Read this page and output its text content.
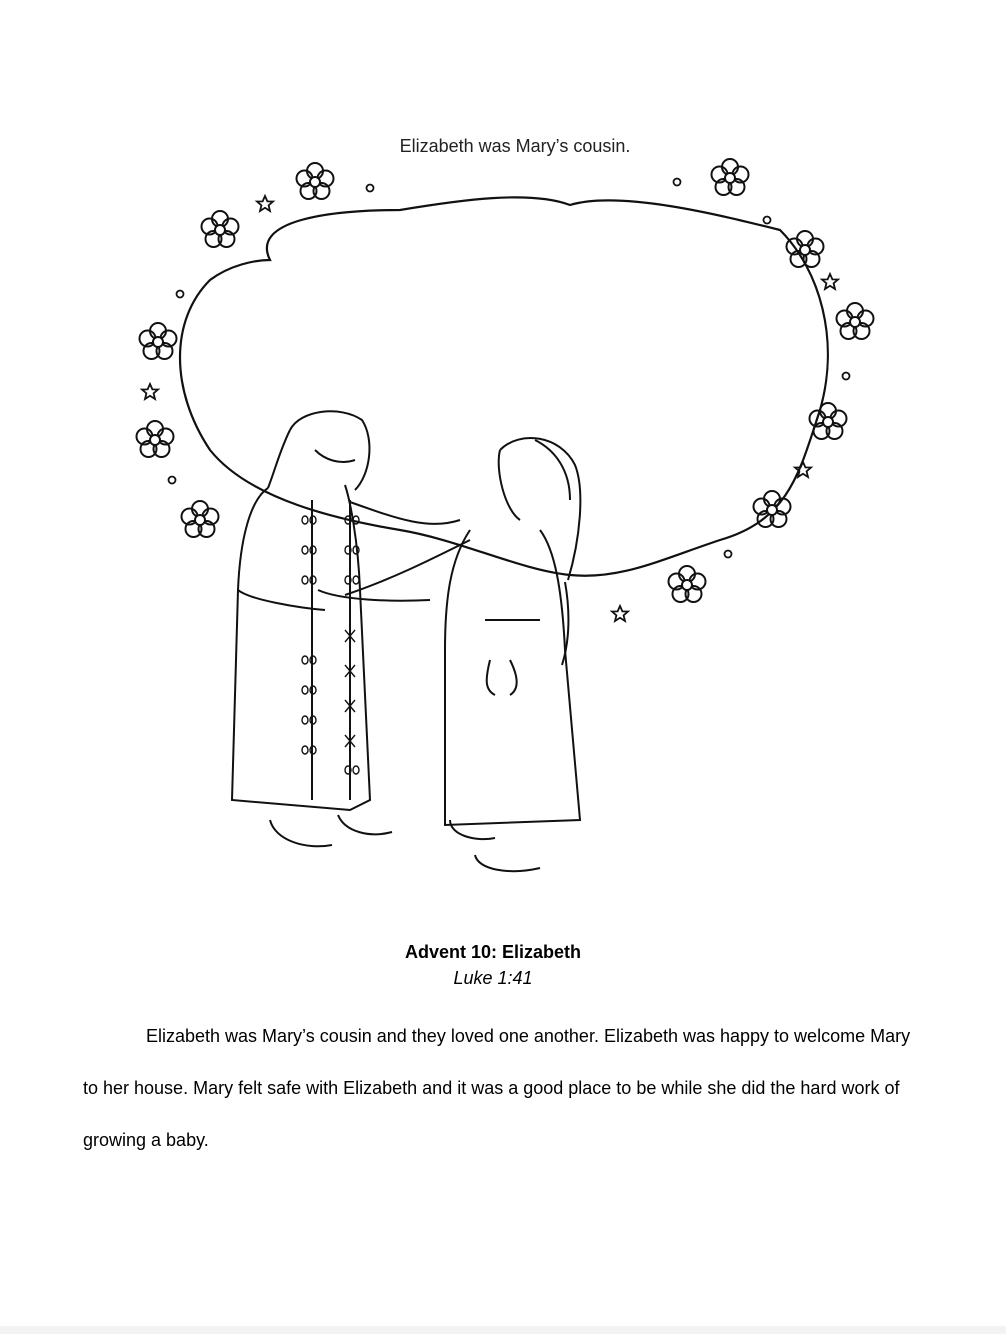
Elizabeth was Mary’s cousin.
Advent 10: Elizabeth
Luke 1:41
Elizabeth was Mary’s cousin and they loved one another. Elizabeth was happy to welcome Mary to her house. Mary felt safe with Elizabeth and it was a good place to be while she did the hard work of growing a baby.
